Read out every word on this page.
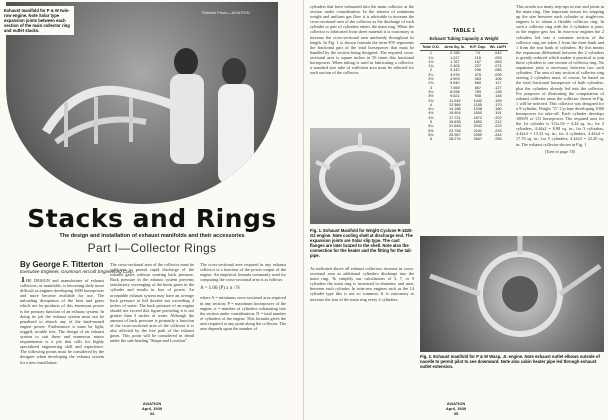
Roberts Photo—AVIATION
Exhaust manifold for P & W twin-row engine. Note Solar type expansion joints between each section of the main collector ring and outlet stacks.
Stacks and Rings
The design and installation of exhaust manifolds and their accessories
Part I—Collector Rings
By George F. Titterton
Executive Engineer, Grumman Aircraft Engineering Corp.
THE DESIGN and manufacture of exhaust collectors, or manifolds, is becoming daily more difficult as engines developing 1000 horsepower and more become available for use. The unloading dissipation of the heat and gases which are by-products of this enormous power is the primary function of an exhaust system. In doing its job the exhaust system must not be penalized to absorb any of the hard-earned engine power. Furthermore it must be light, rugged, trouble free. The design of an exhaust system to suit these and numerous minor requirements is a job that calls for highly specialized engineering skill and experience. The following points must be considered by the designer when developing the exhaust system for a new installation:
The cross-sectional area of the collector must be sufficient to permit rapid discharge of the exhaust gases without creating back pressure. Back pressure in the exhaust system prevents satisfactory scavenging of the burnt gases in the cylinder and results in loss of power. An acceptable exhaust system may have an average back pressure at full throttle not exceeding 4 inches of water. The back pressure of an engine should not exceed this figure providing it is not greater than 3 inches of water. Although the amount of back pressure is primarily a function of the cross-sectional area of the collector it is also affected by the free path of the exhaust gases. This point will be considered in detail under the sub-heading "Shape and Location".
The cross-sectional area required in any exhaust collector is a function of the power output of the engine. An empirical formula commonly used for computing the cross-sectional area is as follows:
A = 1.06 (P) x n / N
where A = minimum cross-sectional area required in any section; P = maximum horsepower of the engine; n = number of cylinders exhausting into the section under consideration; N = total number of cylinders of the engine. This formula gives the area required at any point along the collector. The area depends upon the number of
AVIATION
April, 1939
34
cylinders that have exhausted into the main collector at the section under consideration. In the interest of minimum weight and uniform gas flow it is advisable to increase the cross-sectional area of the collector as the discharge of each cylinder or pair of cylinders enters the main ring. When the collector is fabricated from sheet material it is customary to increase the cross-sectional area uniformly throughout its length. In Fig. 1 is shown formula the term P/N represents the fractional part of the total horsepower that must be handled by the section being designed. The required cross-sectional area is square inches in 50 times this fractional horsepower. When tubing is used in fabricating a collector, a standard size tube of sufficient area must be selected for each section of the collector.
Fig. 1. Exhaust Manifold for Wright Cyclone R-1820-G2 engine. Note cooling shell at discharge end. The expansion joints are Solar slip type. The cast flanges are later brazed to the shell. Note also the connection for the heater and the fitting for the tail-pipe.
As indicated above all exhaust collectors increase in cross-sectional area as additional cylinders discharge into the main ring. To simplify our calculations of 3, 7, or 9 cylinders the main ring is increased in diameter, and area, between each cylinder. In twin-row engines such as the 14 cylinder type this is not so common. It is customary to increase the size of the main ring every 2 cylinders.
TABLE 1
Exhaust Tubing Capacity & Weight
Tube O.D.	Area Sq. In.	H.P. Cap.	Wt. Lb/Ft
1	0.785	74	.042
1¼	1.227	116	.053
1½	1.767	167	.063
1¾	2.405	227	.074
2	3.142	296	.085
2¼	3.976	375	.095
2½	4.909	463	.106
2¾	5.940	560	.117
3	7.069	667	.127
3¼	8.296	783	.138
3½	9.621	908	.148
3¾	11.045	1042	.159
4	12.566	1185	.170
4¼	14.186	1338	.180
4½	15.904	1500	.191
4¾	17.721	1672	.202
5	19.635	1852	.212
5¼	21.648	2042	.223
5½	23.758	2241	.233
5¾	25.967	2450	.244
6	28.274	2667	.255
This avoids too many step-ups in size and joints in the main ring. One important reason for stepping up the size between each cylinder or single-row engines is to obtain a flexible collector ring. In such a collector ring with the 2 cylinders it joins, as the engine gets hot. In twin-row engines the 2 cylinders led into a common section of the collector ring are taken 2 from the front bank and 1 from the rear bank of cylinders. By this means the expansion differential between the 2 cylinders is greatly reduced which makes it practical to join these cylinders to one section of collector ring. No expansion joint is necessary between two such cylinders. The area of any section of collector ring serving 2 cylinders must, of course, be based on the total fractional horsepower of both cylinders, plus the cylinders already led into the collector. For purposes of illustrating the computation of exhaust collector areas the collector shown in Fig. 1 will be selected. This collector was designed for a 9-cylinder, Wright "G" Cyclone developing 1000 horsepower for take-off. Each cylinder develops 1000/9 or 111 horsepower. The required area for the 1st cylinder is 111x.04 = 4.44 sq. in.; for 2 cylinders, 4.44x2 = 8.88 sq. in.; for 3 cylinders, 4.44x3 = 13.32 sq. in.; for 4 cylinders, 4.44x4 = 17.76 sq. in.; for 5 cylinders, 4.44x5 = 22.20 sq. in. The exhaust collector shown in Fig. 1
(Turn to page 74)
Fig. 2. Exhaust manifold for P & W Wasp, Jr. engine. Note exhaust outlet elbows outside of nacelle to permit pilot to see downward. Note also cabin heater pipe led through exhaust outlet extension.
AVIATION
April, 1939
35
